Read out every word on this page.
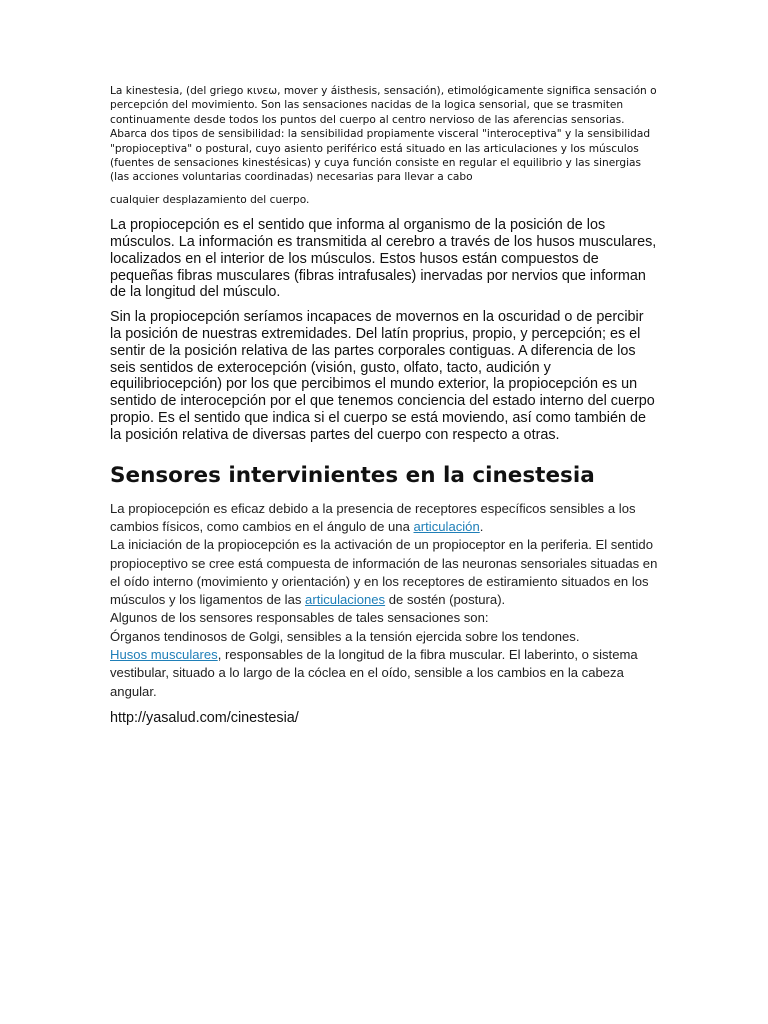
La kinestesia, (del griego κινεω, mover y áisthesis, sensación), etimológicamente significa sensación o percepción del movimiento. Son las sensaciones nacidas de la logica sensorial, que se trasmiten continuamente desde todos los puntos del cuerpo al centro nervioso de las aferencias sensorias. Abarca dos tipos de sensibilidad: la sensibilidad propiamente visceral "interoceptiva" y la sensibilidad "propioceptiva" o postural, cuyo asiento periférico está situado en las articulaciones y los músculos (fuentes de sensaciones kinestésicas) y cuya función consiste en regular el equilibrio y las sinergias (las acciones voluntarias coordinadas) necesarias para llevar a cabo

cualquier desplazamiento del cuerpo.

La propiocepción es el sentido que informa al organismo de la posición de los músculos. La información es transmitida al cerebro a través de los husos musculares, localizados en el interior de los músculos. Estos husos están compuestos de pequeñas fibras musculares (fibras intrafusales) inervadas por nervios que informan de la longitud del músculo.

Sin la propiocepción seríamos incapaces de movernos en la oscuridad o de percibir la posición de nuestras extremidades. Del latín proprius, propio, y percepción; es el sentir de la posición relativa de las partes corporales contiguas. A diferencia de los seis sentidos de exterocepción (visión, gusto, olfato, tacto, audición y equilibriocepción) por los que percibimos el mundo exterior, la propiocepción es un sentido de interocepción por el que tenemos conciencia del estado interno del cuerpo propio. Es el sentido que indica si el cuerpo se está moviendo, así como también de la posición relativa de diversas partes del cuerpo con respecto a otras.

Sensores intervinientes en la cinestesia
La propiocepción es eficaz debido a la presencia de receptores específicos sensibles a los cambios físicos, como cambios en el ángulo de una articulación.
La iniciación de la propiocepción es la activación de un propioceptor en la periferia. El sentido propioceptivo se cree está compuesta de información de las neuronas sensoriales situadas en el oído interno (movimiento y orientación) y en los receptores de estiramiento situados en los músculos y los ligamentos de las articulaciones de sostén (postura).
Algunos de los sensores responsables de tales sensaciones son:
Órganos tendinosos de Golgi, sensibles a la tensión ejercida sobre los tendones.
Husos musculares, responsables de la longitud de la fibra muscular. El laberinto, o sistema vestibular, situado a lo largo de la cóclea en el oído, sensible a los cambios en la cabeza angular.

http://yasalud.com/cinestesia/
